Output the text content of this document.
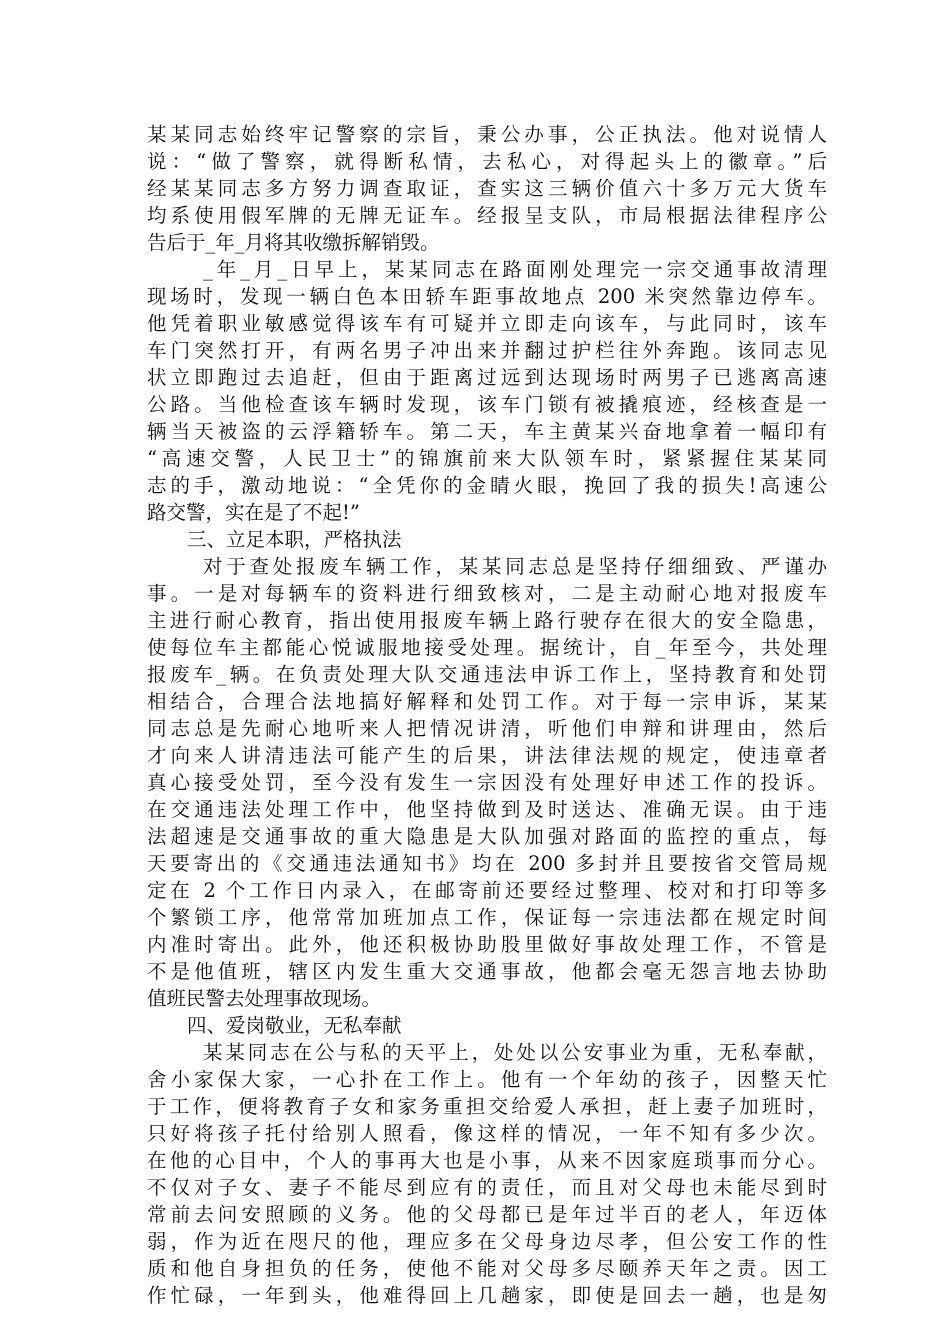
某某同志始终牢记警察的宗旨，秉公办事，公正执法。他对说情人
说：“做了警察，就得断私情，去私心，对得起头上的徽章。”后
经某某同志多方努力调查取证，查实这三辆价值六十多万元大货车
均系使用假军牌的无牌无证车。经报呈支队，市局根据法律程序公
告后于_年_月将其收缴拆解销毁。
_年_月_日早上，某某同志在路面刚处理完一宗交通事故清理
现场时，发现一辆白色本田轿车距事故地点 200 米突然靠边停车。
他凭着职业敏感觉得该车有可疑并立即走向该车，与此同时，该车
车门突然打开，有两名男子冲出来并翻过护栏往外奔跑。该同志见
状立即跑过去追赶，但由于距离过远到达现场时两男子已逃离高速
公路。当他检查该车辆时发现，该车门锁有被撬痕迹，经核查是一
辆当天被盗的云浮籍轿车。第二天，车主黄某兴奋地拿着一幅印有
“高速交警，人民卫士”的锦旗前来大队领车时，紧紧握住某某同
志的手，激动地说：“全凭你的金睛火眼，挽回了我的损失!高速公
路交警，实在是了不起!”
三、立足本职，严格执法
对于查处报废车辆工作，某某同志总是坚持仔细细致、严谨办
事。一是对每辆车的资料进行细致核对，二是主动耐心地对报废车
主进行耐心教育，指出使用报废车辆上路行驶存在很大的安全隐患，
使每位车主都能心悦诚服地接受处理。据统计，自_年至今，共处理
报废车_辆。在负责处理大队交通违法申诉工作上，坚持教育和处罚
相结合，合理合法地搞好解释和处罚工作。对于每一宗申诉，某某
同志总是先耐心地听来人把情况讲清，听他们申辩和讲理由，然后
才向来人讲清违法可能产生的后果，讲法律法规的规定，使违章者
真心接受处罚，至今没有发生一宗因没有处理好申述工作的投诉。
在交通违法处理工作中，他坚持做到及时送达、准确无误。由于违
法超速是交通事故的重大隐患是大队加强对路面的监控的重点，每
天要寄出的《交通违法通知书》均在 200 多封并且要按省交管局规
定在 2 个工作日内录入，在邮寄前还要经过整理、校对和打印等多
个繁锁工序，他常常加班加点工作，保证每一宗违法都在规定时间
内准时寄出。此外，他还积极协助股里做好事故处理工作，不管是
不是他值班，辖区内发生重大交通事故，他都会毫无怨言地去协助
值班民警去处理事故现场。
四、爱岗敬业，无私奉献
某某同志在公与私的天平上，处处以公安事业为重，无私奉献，
舍小家保大家，一心扑在工作上。他有一个年幼的孩子，因整天忙
于工作，便将教育子女和家务重担交给爱人承担，赶上妻子加班时，
只好将孩子托付给别人照看，像这样的情况，一年不知有多少次。
在他的心目中，个人的事再大也是小事，从来不因家庭琐事而分心。
不仅对子女、妻子不能尽到应有的责任，而且对父母也未能尽到时
常前去问安照顾的义务。他的父母都已是年过半百的老人，年迈体
弱，作为近在咫尺的他，理应多在父母身边尽孝，但公安工作的性
质和他自身担负的任务，使他不能对父母多尽颐养天年之责。因工
作忙碌，一年到头，他难得回上几趟家，即使是回去一趟，也是匆
